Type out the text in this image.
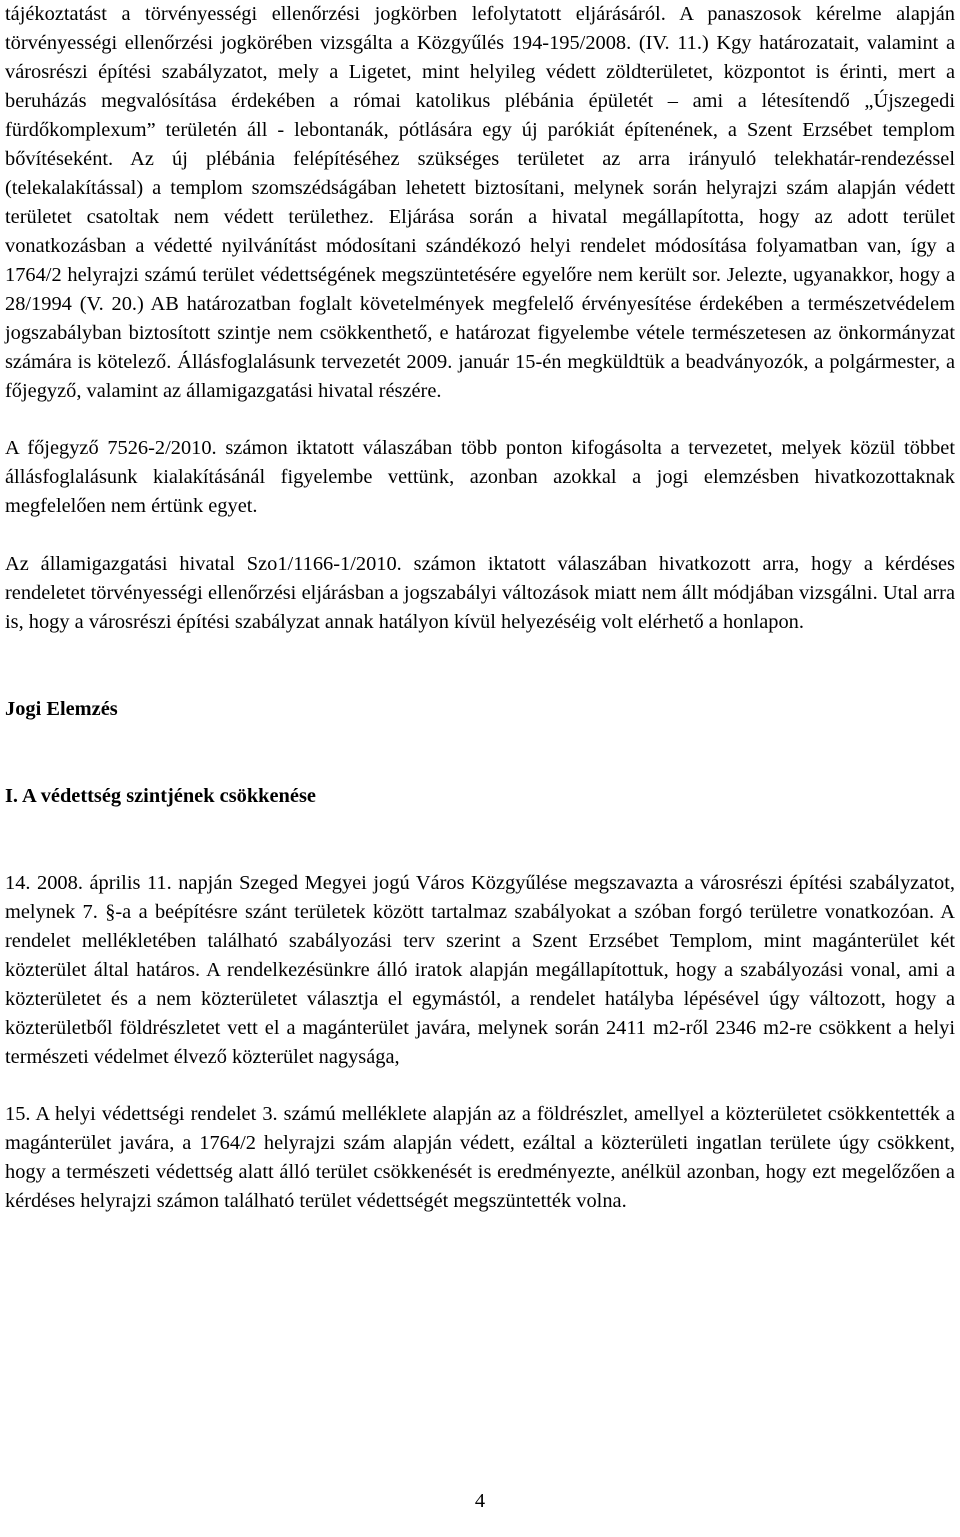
tájékoztatást a törvényességi ellenőrzési jogkörben lefolytatott eljárásáról. A panaszosok kérelme alapján törvényességi ellenőrzési jogkörében vizsgálta a Közgyűlés 194-195/2008. (IV. 11.) Kgy határozatait, valamint a városrészi építési szabályzatot, mely a Ligetet, mint helyileg védett zöldterületet, központot is érinti, mert a beruházás megvalósítása érdekében a római katolikus plébánia épületét – ami a létesítendő „Újszegedi fürdőkomplexum” területén áll - lebontanák, pótlására egy új parókiát építenének, a Szent Erzsébet templom bővítéseként. Az új plébánia felépítéséhez szükséges területet az arra irányuló telekhatár-rendezéssel (telekalakítással) a templom szomszédságában lehetett biztosítani, melynek során helyrajzi szám alapján védett területet csatoltak nem védett területhez. Eljárása során a hivatal megállapította, hogy az adott terület vonatkozásban a védetté nyilvánítást módosítani szándékozó helyi rendelet módosítása folyamatban van, így a 1764/2 helyrajzi számú terület védettségének megszüntetésére egyelőre nem került sor. Jelezte, ugyanakkor, hogy a 28/1994 (V. 20.) AB határozatban foglalt követelmények megfelelő érvényesítése érdekében a természetvédelem jogszabályban biztosított szintje nem csökkenthető, e határozat figyelembe vétele természetesen az önkormányzat számára is kötelező. Állásfoglalásunk tervezetét 2009. január 15-én megküldtük a beadványozók, a polgármester, a főjegyző, valamint az államigazgatási hivatal részére.

A főjegyző 7526-2/2010. számon iktatott válaszában több ponton kifogásolta a tervezetet, melyek közül többet állásfoglalásunk kialakításánál figyelembe vettünk, azonban azokkal a jogi elemzésben hivatkozottaknak megfelelően nem értünk egyet.

Az államigazgatási hivatal Szo1/1166-1/2010. számon iktatott válaszában hivatkozott arra, hogy a kérdéses rendeletet törvényességi ellenőrzési eljárásban a jogszabályi változások miatt nem állt módjában vizsgálni. Utal arra is, hogy a városrészi építési szabályzat annak hatályon kívül helyezéséig volt elérhető a honlapon.

Jogi Elemzés
I. A védettség szintjének csökkenése

14. 2008. április 11. napján Szeged Megyei jogú Város Közgyűlése megszavazta a városrészi építési szabályzatot, melynek 7. §-a a beépítésre szánt területek között tartalmaz szabályokat a szóban forgó területre vonatkozóan. A rendelet mellékletében található szabályozási terv szerint a Szent Erzsébet Templom, mint magánterület két közterület által határos. A rendelkezésünkre álló iratok alapján megállapítottuk, hogy a szabályozási vonal, ami a közterületet és a nem közterületet választja el egymástól, a rendelet hatályba lépésével úgy változott, hogy a közterületből földrészletet vett el a magánterület javára, melynek során 2411 m2-ről 2346 m2-re csökkent a helyi természeti védelmet élvező közterület nagysága,

15. A helyi védettségi rendelet 3. számú melléklete alapján az a földrészlet, amellyel a közterületet csökkentették a magánterület javára, a 1764/2 helyrajzi szám alapján védett, ezáltal a közterületi ingatlan területe úgy csökkent, hogy a természeti védettség alatt álló terület csökkenését is eredményezte, anélkül azonban, hogy ezt megelőzően a kérdéses helyrajzi számon található terület védettségét megszüntették volna.

4
